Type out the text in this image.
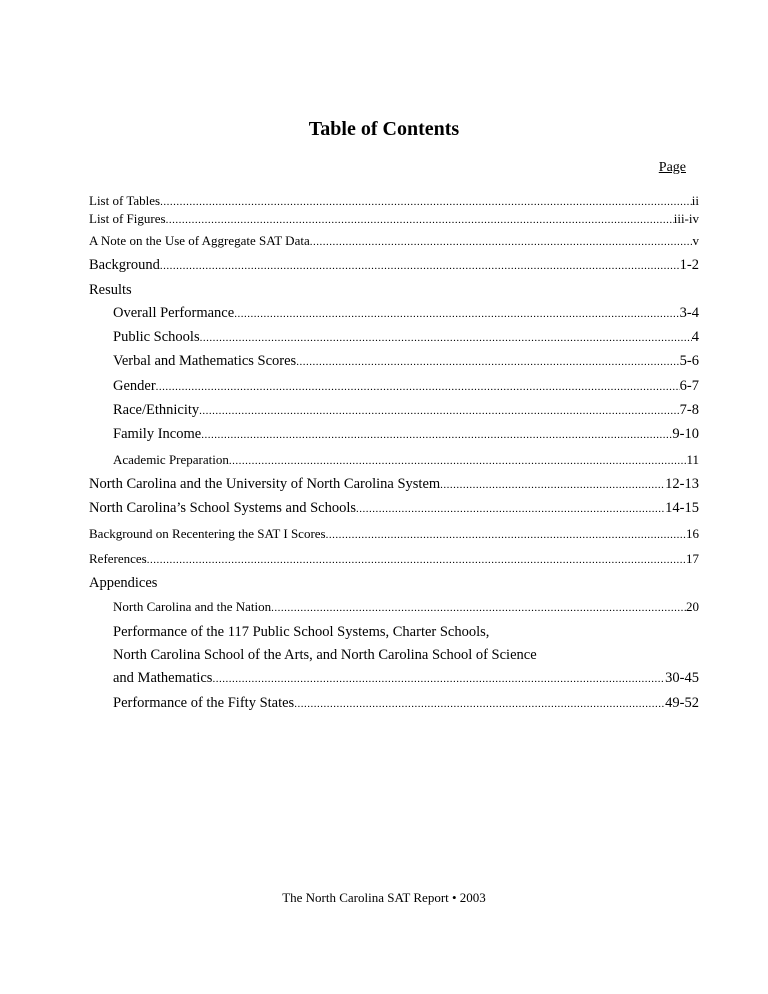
Table of Contents
Page
List of Tables .....	ii
List of Figures .....	iii-iv
A Note on the Use of Aggregate SAT Data .....	v
Background .....	1-2
Results
Overall Performance .....	3-4
Public Schools .....	4
Verbal and Mathematics Scores .....	5-6
Gender .....	6-7
Race/Ethnicity .....	7-8
Family Income .....	9-10
Academic Preparation .....	11
North Carolina and the University of North Carolina System .....	12-13
North Carolina’s School Systems and Schools .....	14-15
Background on Recentering the SAT I Scores .....	16
References .....	17
Appendices
North Carolina and the Nation .....	20
Performance of the 117 Public School Systems, Charter Schools,
North Carolina School of the Arts, and North Carolina School of Science
and Mathematics .....	30-45
Performance of the Fifty States .....	49-52
The North Carolina SAT Report • 2003
